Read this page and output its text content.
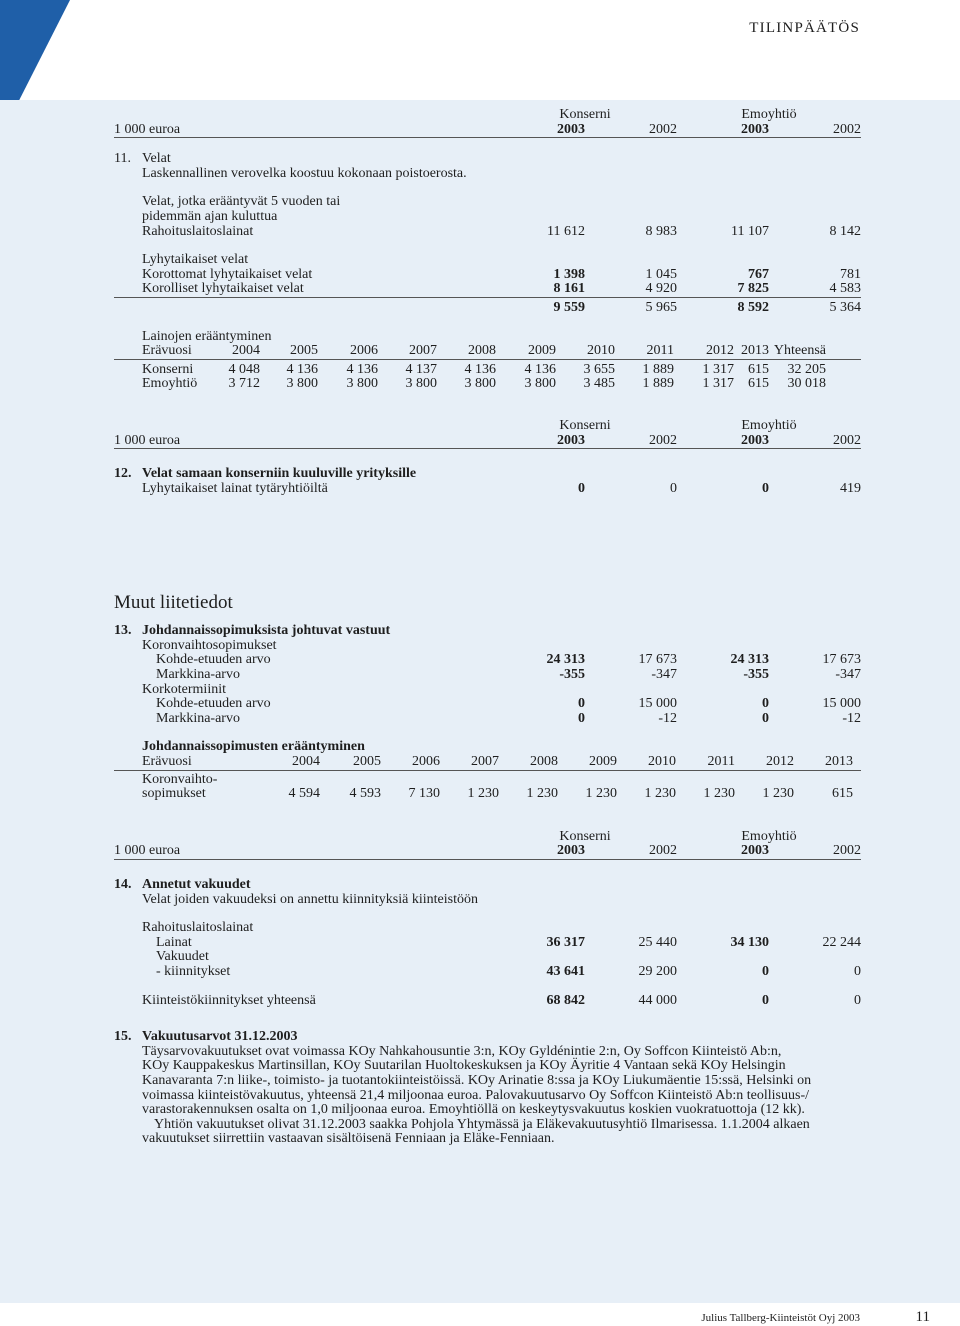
TILINPÄÄTÖS
Konserni	Emoyhtiö
1 000 euroa	2003	2002	2003	2002
11. Velat
Laskennallinen verovelka koostuu kokonaan poistoerosta.
Velat, jotka erääntyvät 5 vuoden tai
pidemmän ajan kuluttua
Rahoituslaitoslainat	11 612	8 983	11 107	8 142
Lyhytaikaiset velat
Korottomat lyhytaikaiset velat	1 398	1 045	767	781
Korolliset lyhytaikaiset velat	8 161	4 920	7 825	4 583
9 559	5 965	8 592	5 364
Lainojen erääntyminen
Erävuosi	2004	2005	2006	2007	2008	2009	2010	2011	2012 2013 Yhteensä
Konserni	4 048	4 136	4 136	4 137	4 136	4 136	3 655	1 889	1 317	615	32 205
Emoyhtiö	3 712	3 800	3 800	3 800	3 800	3 800	3 485	1 889	1 317	615	30 018
Konserni	Emoyhtiö
1 000 euroa	2003	2002	2003	2002
12. Velat samaan konserniin kuuluville yrityksille
Lyhytaikaiset lainat tytäryhtiöiltä	0	0	0	419
Muut liitetiedot
13. Johdannaissopimuksista johtuvat vastuut
Koronvaihtosopimukset
Kohde-etuuden arvo	24 313	17 673	24 313	17 673
Markkina-arvo	-355	-347	-355	-347
Korkotermiinit
Kohde-etuuden arvo	0	15 000	0	15 000
Markkina-arvo	0	-12	0	-12
Johdannaissopimusten erääntyminen
Erävuosi	2004	2005	2006	2007	2008	2009	2010	2011	2012	2013
Koronvaihto-
sopimukset	4 594	4 593	7 130	1 230	1 230	1 230	1 230	1 230	1 230	615
Konserni	Emoyhtiö
1 000 euroa	2003	2002	2003	2002
14. Annetut vakuudet
Velat joiden vakuudeksi on annettu kiinnityksiä kiinteistöön
Rahoituslaitoslainat
Lainat	36 317	25 440	34 130	22 244
Vakuudet
- kiinnitykset	43 641	29 200	0	0
Kiinteistökiinnitykset yhteensä	68 842	44 000	0	0
15. Vakuutusarvot 31.12.2003
Täysarvovakuutukset ovat voimassa KOy Nahkahousuntie 3:n, KOy Gyldénintie 2:n, Oy Soffcon Kiinteistö Ab:n,
KOy Kauppakeskus Martinsillan, KOy Suutarilan Huoltokeskuksen ja KOy Äyritie 4 Vantaan sekä KOy Helsingin
Kanavaranta 7:n liike-, toimisto- ja tuotantokiinteistöissä. KOy Arinatie 8:ssa ja KOy Liukumäentie 15:ssä, Helsinki on
voimassa kiinteistövakuutus, yhteensä 21,4 miljoonaa euroa. Palovakuutusarvo Oy Soffcon Kiinteistö Ab:n teollisuus-/
varastorakennuksen osalta on 1,0 miljoonaa euroa. Emoyhtiöllä on keskeytysvakuutus koskien vuokratuottoja (12 kk).
Yhtiön vakuutukset olivat 31.12.2003 saakka Pohjola Yhtymässä ja Eläkevakuutusyhtiö Ilmarisessa. 1.1.2004 alkaen
vakuutukset siirrettiin vastaavan sisältöisenä Fenniaan ja Eläke-Fenniaan.
Julius Tallberg-Kiinteistöt Oyj 2003	11
